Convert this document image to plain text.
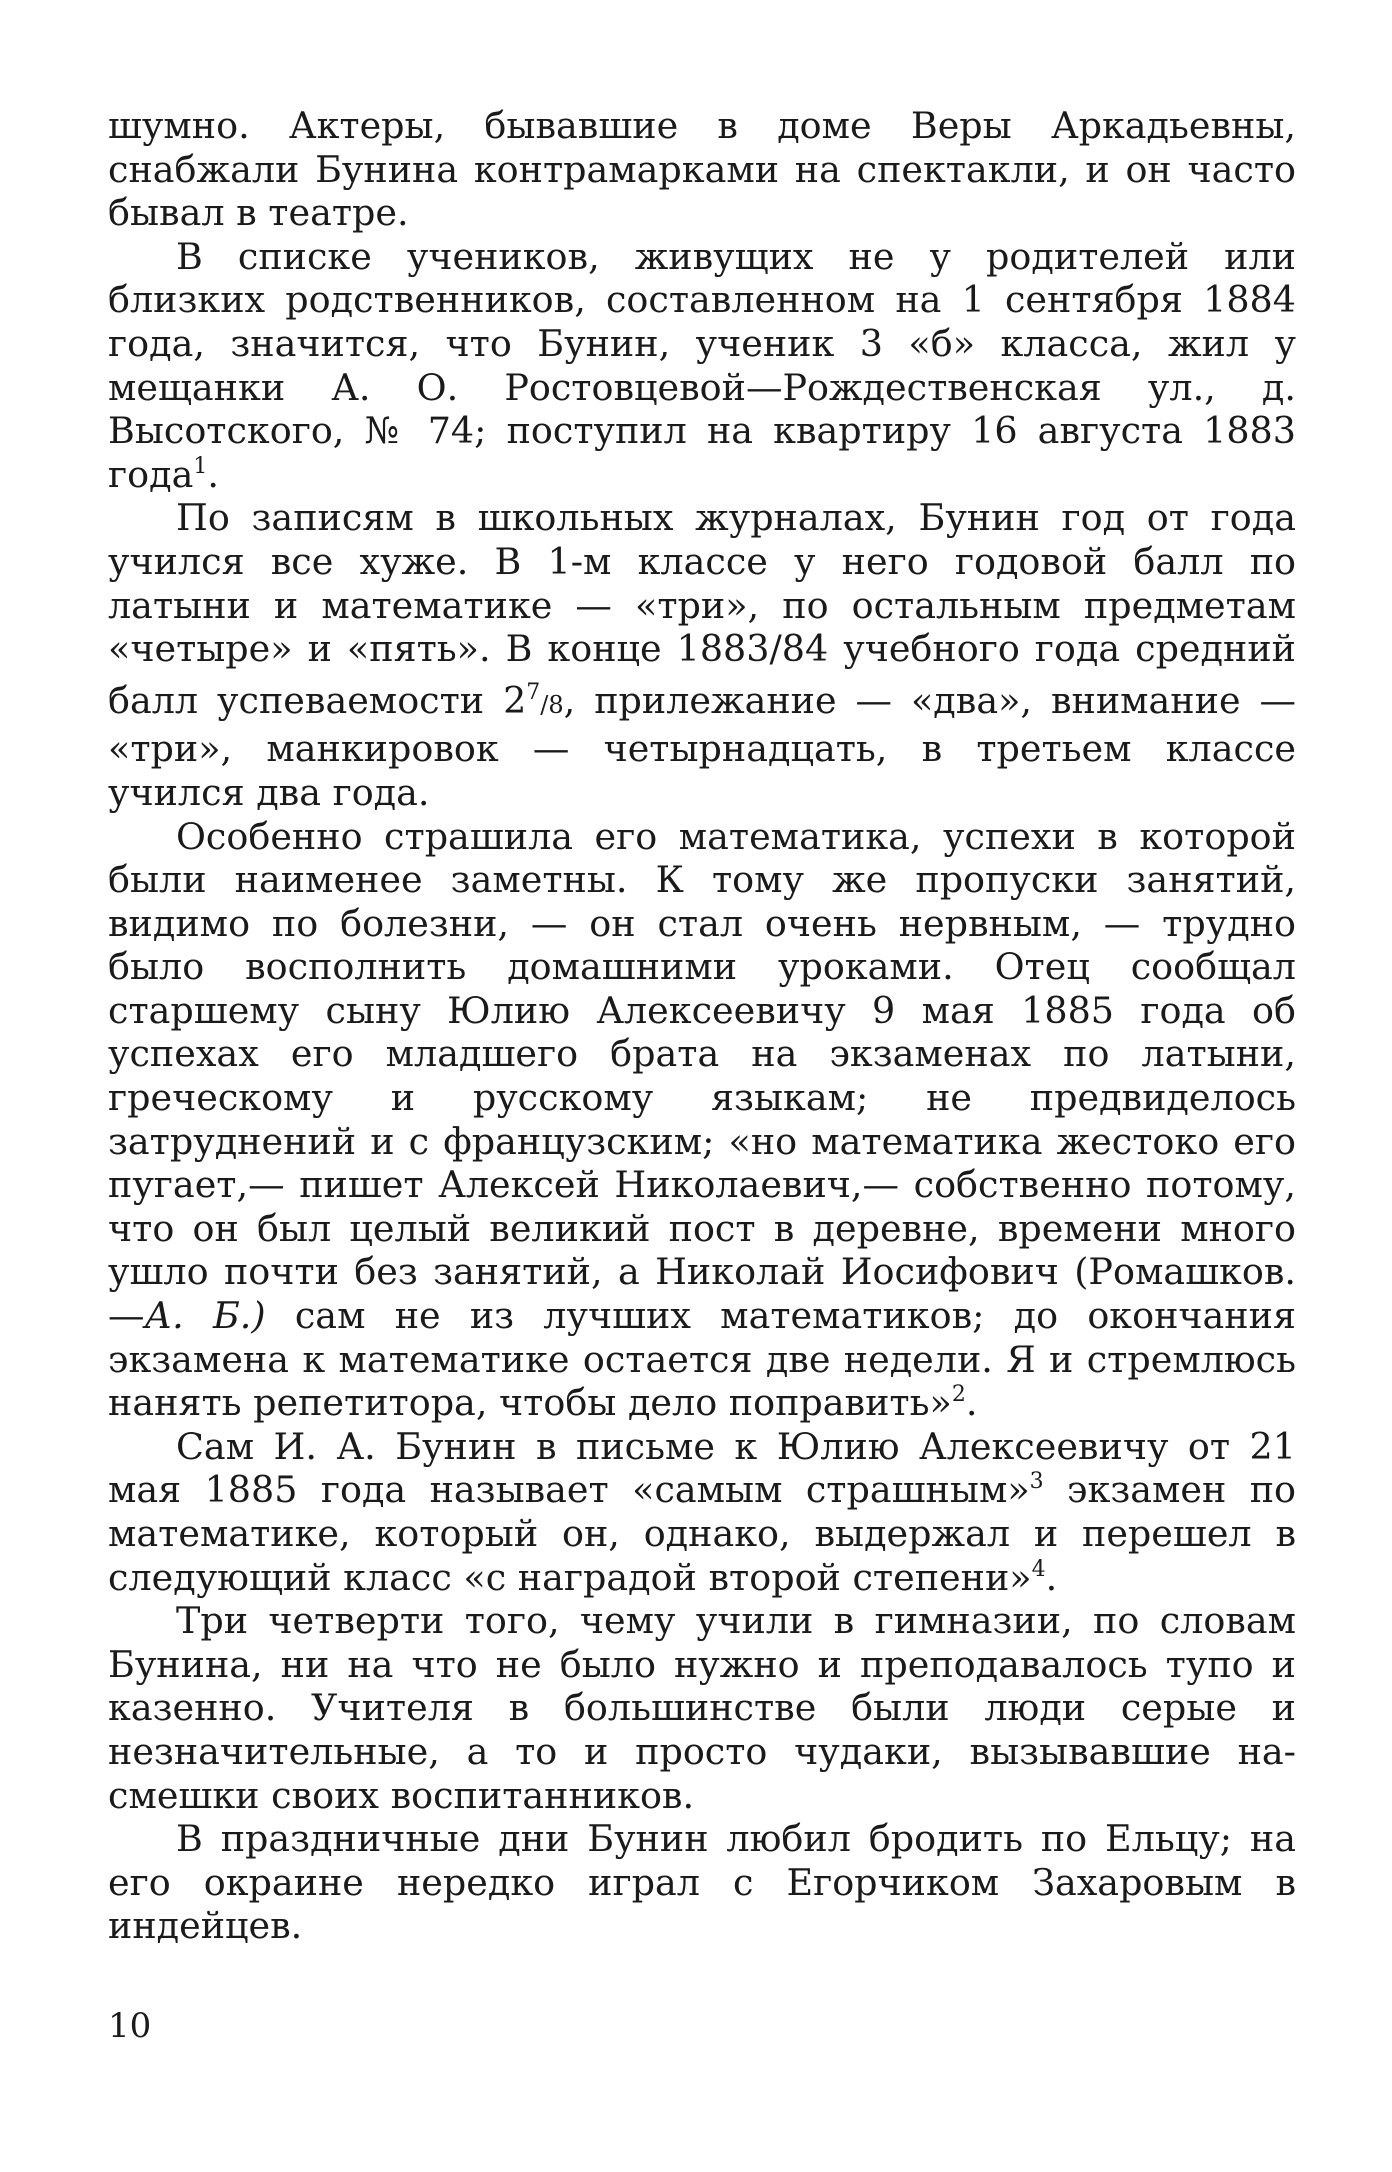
шумно. Актеры, бывавшие в доме Веры Аркадьевны, снабжали Бунина контрамарками на спектакли, и он часто бывал в театре.

В списке учеников, живущих не у родителей или близких родственников, составленном на 1 сентября 1884 года, значится, что Бунин, ученик 3 «б» класса, жил у мещанки А. О. Ростовцевой—Рождественская ул., д. Высотского, № 74; поступил на квартиру 16 августа 1883 года$^1$.

По записям в школьных журналах, Бунин год от года учился все хуже. В 1-м классе у него годовой балл по латыни и математике — «три», по остальным предметам «четыре» и «пять». В конце 1883/84 учебного года средний балл успеваемости $2^7/8$, прилежание — «два», внимание — «три», манкировок — четырнадцать, в третьем классе учился два года.

Особенно страшила его математика, успехи в которой были наименее заметны. К тому же пропуски занятий, видимо по болезни, — он стал очень нервным, — трудно было восполнить домашними уроками. Отец сообщал старшему сыну Юлию Алексеевичу 9 мая 1885 года об успехах его младшего брата на экзаменах по латыни, греческому и русскому языкам; не предвиделось затруднений и с французским; «но математика жестоко его пугает,— пишет Алексей Николаевич,— собственно потому, что он был целый великий пост в деревне, времени много ушло почти без занятий, а Николай Иосифович (Ромашков. —А. Б.) сам не из лучших математиков; до окончания экзамена к математике остается две недели. Я и стремлюсь нанять репетитора, чтобы дело поправить»$^2$.

Сам И. А. Бунин в письме к Юлию Алексеевичу от 21 мая 1885 года называет «самым страшным»$^3$ экзамен по математике, который он, однако, выдержал и перешел в следующий класс «с наградой второй степени»$^4$.

Три четверти того, чему учили в гимназии, по словам Бунина, ни на что не было нужно и преподавалось тупо и казенно. Учителя в большинстве были люди серые и незначительные, а то и просто чудаки, вызывавшие насмешки своих воспитанников.

В праздничные дни Бунин любил бродить по Ельцу; на его окраине нередко играл с Егорчиком Захаровым в индейцев.

10
